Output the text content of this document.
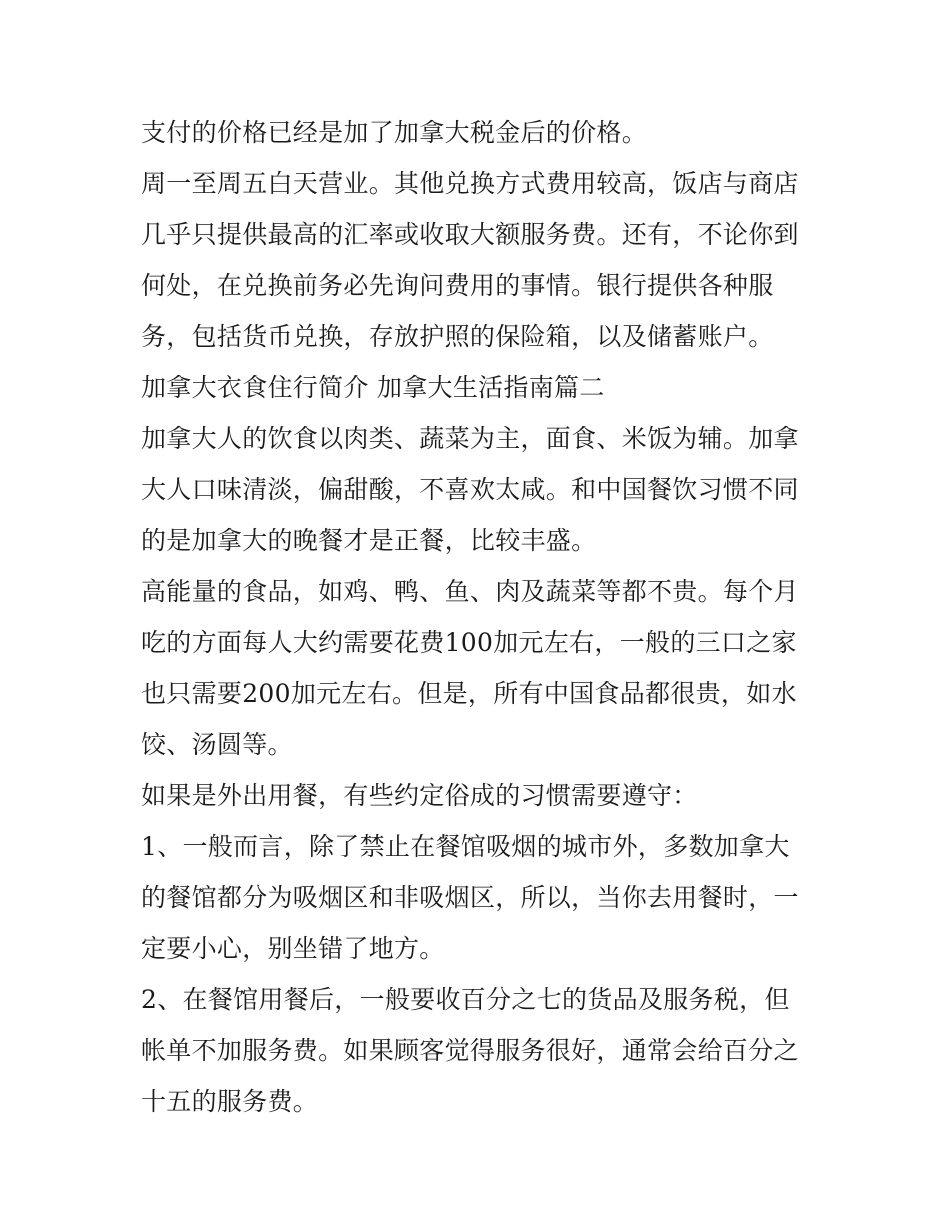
支付的价格已经是加了加拿大税金后的价格。

周一至周五白天营业。其他兑换方式费用较高，饭店与商店几乎只提供最高的汇率或收取大额服务费。还有，不论你到何处，在兑换前务必先询问费用的事情。银行提供各种服务，包括货币兑换，存放护照的保险箱，以及储蓄账户。

加拿大衣食住行简介 加拿大生活指南篇二

加拿大人的饮食以肉类、蔬菜为主，面食、米饭为辅。加拿大人口味清淡，偏甜酸，不喜欢太咸。和中国餐饮习惯不同的是加拿大的晚餐才是正餐，比较丰盛。

高能量的食品，如鸡、鸭、鱼、肉及蔬菜等都不贵。每个月吃的方面每人大约需要花费100加元左右，一般的三口之家也只需要200加元左右。但是，所有中国食品都很贵，如水饺、汤圆等。

如果是外出用餐，有些约定俗成的习惯需要遵守：

1、一般而言，除了禁止在餐馆吸烟的城市外，多数加拿大的餐馆都分为吸烟区和非吸烟区，所以，当你去用餐时，一定要小心，别坐错了地方。

2、在餐馆用餐后，一般要收百分之七的货品及服务税，但帐单不加服务费。如果顾客觉得服务很好，通常会给百分之十五的服务费。
